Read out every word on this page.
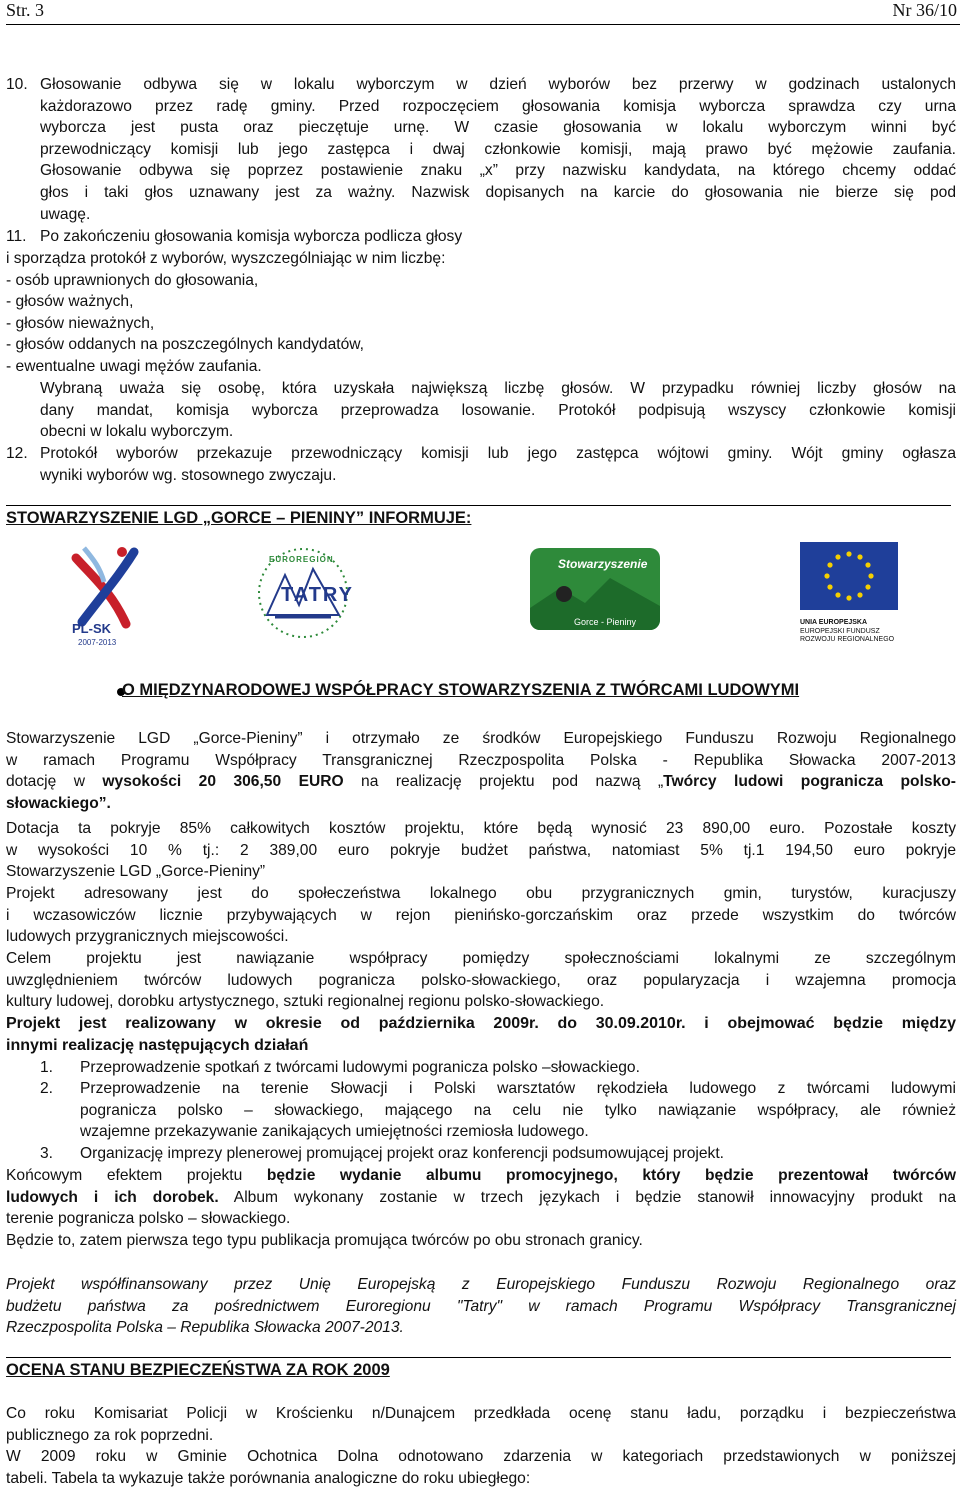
Str. 3	Nr 36/10
10. Głosowanie odbywa się w lokalu wyborczym w dzień wyborów bez przerwy w godzinach ustalonych

każdorazowo przez radę gminy. Przed rozpoczęciem głosowania komisja wyborcza sprawdza czy urna

wyborcza jest pusta oraz pieczętuje urnę. W czasie głosowania w lokalu wyborczym winni być

przewodniczący komisji lub jego zastępca i dwaj członkowie komisji, mają prawo być mężowie zaufania.

Głosowanie odbywa się poprzez postawienie znaku „x” przy nazwisku kandydata, na którego chcemy oddać

głos i taki głos uznawany jest za ważny. Nazwisk dopisanych na karcie do głosowania nie bierze się pod

uwagę.

11. Po zakończeniu głosowania komisja wyborcza podlicza głosy

i sporządza protokół z wyborów, wyszczególniając w nim liczbę:

- osób uprawnionych do głosowania,

- głosów ważnych,

- głosów nieważnych,

- głosów oddanych na poszczególnych kandydatów,

- ewentualne uwagi mężów zaufania.

Wybraną uważa się osobę, która uzyskała największą liczbę głosów. W przypadku równiej liczby głosów na

dany mandat, komisja wyborcza przeprowadza losowanie. Protokół podpisują wszyscy członkowie komisji

obecni w lokalu wyborczym.

12. Protokół wyborów przekazuje przewodniczący komisji lub jego zastępca wójtowi gminy. Wójt gminy ogłasza

wyniki wyborów wg. stosownego zwyczaju.

STOWARZYSZENIE LGD „GORCE – PIENINY” INFORMUJE:
PL-SK
2007-2013
EUROREGION
TATRY
Stowarzyszenie
Gorce - Pieniny	UNIA EUROPEJSKA
EUROPEJSKI FUNDUSZ
ROZWOJU REGIONALNEGO
O MIĘDZYNARODOWEJ WSPÓŁPRACY STOWARZYSZENIA Z TWÓRCAMI LUDOWYMI

Stowarzyszenie LGD „Gorce-Pieniny” i otrzymało ze środków Europejskiego Funduszu Rozwoju Regionalnego

w ramach Programu Współpracy Transgranicznej Rzeczpospolita Polska - Republika Słowacka 2007-2013

dotację w wysokości 20 306,50 EURO na realizację projektu pod nazwą „Twórcy ludowi pogranicza polsko-

słowackiego”.

Dotacja ta pokryje 85% całkowitych kosztów projektu, które będą wynosić 23 890,00 euro. Pozostałe koszty

w wysokości 10 % tj.: 2 389,00 euro pokryje budżet państwa, natomiast 5% tj.1 194,50 euro pokryje

Stowarzyszenie LGD „Gorce-Pieniny”

Projekt adresowany jest do społeczeństwa lokalnego obu przygranicznych gmin, turystów, kuracjuszy

i wczasowiczów licznie przybywających w rejon pienińsko-gorczańskim oraz przede wszystkim do twórców

ludowych przygranicznych miejscowości.

Celem projektu jest nawiązanie współpracy pomiędzy społecznościami lokalnymi ze szczególnym

uwzględnieniem twórców ludowych pogranicza polsko-słowackiego, oraz popularyzacja i wzajemna promocja

kultury ludowej, dorobku artystycznego, sztuki regionalnej regionu polsko-słowackiego.

Projekt jest realizowany w okresie od października 2009r. do 30.09.2010r. i obejmować będzie między

innymi realizację następujących działań

1.	Przeprowadzenie spotkań z twórcami ludowymi pogranicza polsko –słowackiego.

2.	Przeprowadzenie na terenie Słowacji i Polski warsztatów rękodzieła ludowego z twórcami ludowymi

pogranicza polsko – słowackiego, mającego na celu nie tylko nawiązanie współpracy, ale również

wzajemne przekazywanie zanikających umiejętności rzemiosła ludowego.

3.	Organizację imprezy plenerowej promującej projekt oraz konferencji podsumowującej projekt.

Końcowym efektem projektu będzie wydanie albumu promocyjnego, który będzie prezentował twórców

ludowych i ich dorobek. Album wykonany zostanie w trzech językach i będzie stanowił innowacyjny produkt na

terenie pogranicza polsko – słowackiego.

Będzie to, zatem pierwsza tego typu publikacja promująca twórców po obu stronach granicy.

Projekt współfinansowany przez Unię Europejską z Europejskiego Funduszu Rozwoju Regionalnego oraz

budżetu państwa za pośrednictwem Euroregionu "Tatry" w ramach Programu Współpracy Transgranicznej

Rzeczpospolita Polska – Republika Słowacka 2007-2013.

OCENA STANU BEZPIECZEŃSTWA ZA ROK 2009

Co roku Komisariat Policji w Krościenku n/Dunajcem przedkłada ocenę stanu ładu, porządku i bezpieczeństwa

publicznego za rok poprzedni.

W 2009 roku w Gminie Ochotnica Dolna odnotowano zdarzenia w kategoriach przedstawionych w poniższej

tabeli. Tabela ta wykazuje także porównania analogiczne do roku ubiegłego:
